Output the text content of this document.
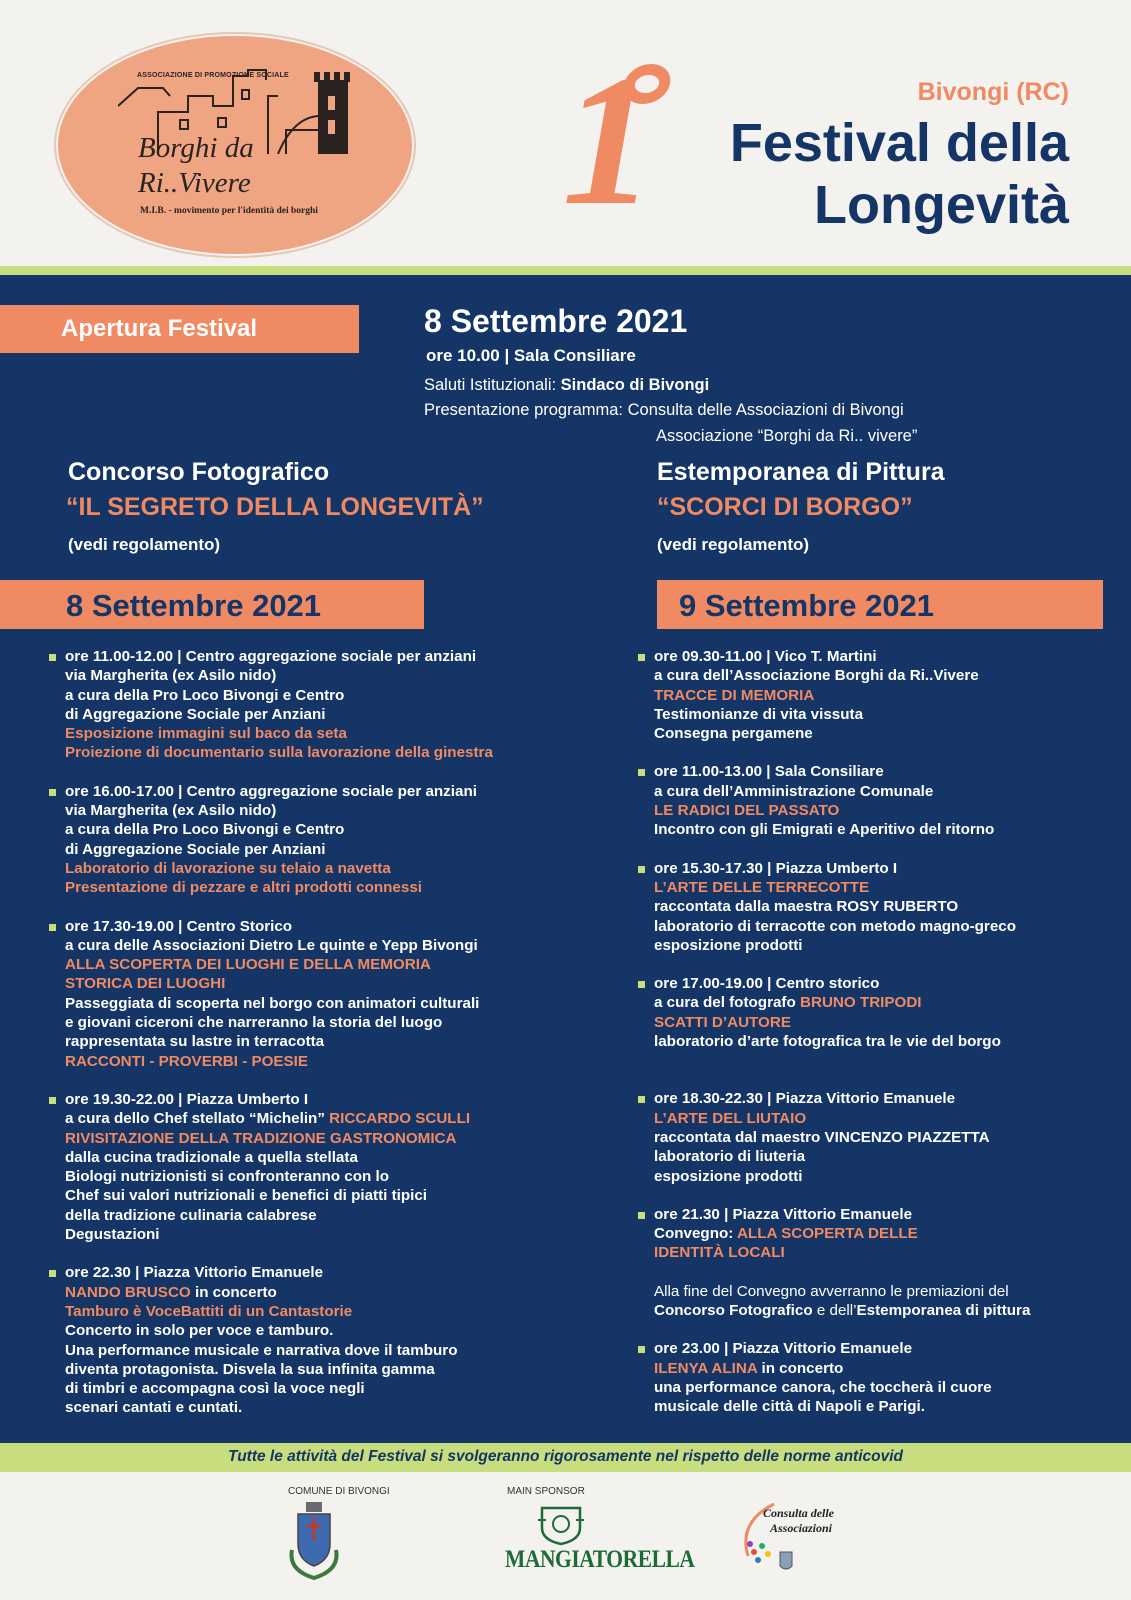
ASSOCIAZIONE DI PROMOZIONE SOCIALE
Borghi da
Ri..Vivere
M.I.B. - movimento per l'identità dei borghi 1	Bivongi (RC)
Festival della
Longevità
Apertura Festival	8 Settembre 2021
ore 10.00 | Sala Consiliare
Saluti Istituzionali: Sindaco di Bivongi
Presentazione programma: Consulta delle Associazioni di Bivongi
Associazione “Borghi da Ri.. vivere”
Concorso Fotografico
“IL SEGRETO DELLA LONGEVITÀ”
(vedi regolamento)
Estemporanea di Pittura
“SCORCI DI BORGO”
(vedi regolamento)
8 Settembre 2021	9 Settembre 2021
ore 11.00-12.00 | Centro aggregazione sociale per anziani
via Margherita (ex Asilo nido)
a cura della Pro Loco Bivongi e Centro
di Aggregazione Sociale per Anziani
Esposizione immagini sul baco da seta
Proiezione di documentario sulla lavorazione della ginestra
ore 16.00-17.00 | Centro aggregazione sociale per anziani
via Margherita (ex Asilo nido)
a cura della Pro Loco Bivongi e Centro
di Aggregazione Sociale per Anziani
Laboratorio di lavorazione su telaio a navetta
Presentazione di pezzare e altri prodotti connessi
ore 17.30-19.00 | Centro Storico
a cura delle Associazioni Dietro Le quinte e Yepp Bivongi
ALLA SCOPERTA DEI LUOGHI E DELLA MEMORIA
STORICA DEI LUOGHI
Passeggiata di scoperta nel borgo con animatori culturali
e giovani ciceroni che narreranno la storia del luogo
rappresentata su lastre in terracotta
RACCONTI - PROVERBI - POESIE
ore 19.30-22.00 | Piazza Umberto I
a cura dello Chef stellato “Michelin” RICCARDO SCULLI
RIVISITAZIONE DELLA TRADIZIONE GASTRONOMICA
dalla cucina tradizionale a quella stellata
Biologi nutrizionisti si confronteranno con lo
Chef sui valori nutrizionali e benefici di piatti tipici
della tradizione culinaria calabrese
Degustazioni
ore 22.30 | Piazza Vittorio Emanuele
NANDO BRUSCO in concerto
Tamburo è VoceBattiti di un Cantastorie
Concerto in solo per voce e tamburo.
Una performance musicale e narrativa dove il tamburo
diventa protagonista. Disvela la sua infinita gamma
di timbri e accompagna così la voce negli
scenari cantati e cuntati.
ore 09.30-11.00 | Vico T. Martini
a cura dell’Associazione Borghi da Ri..Vivere
TRACCE DI MEMORIA
Testimonianze di vita vissuta
Consegna pergamene
ore 11.00-13.00 | Sala Consiliare
a cura dell’Amministrazione Comunale
LE RADICI DEL PASSATO
Incontro con gli Emigrati e Aperitivo del ritorno
ore 15.30-17.30 | Piazza Umberto I
L’ARTE DELLE TERRECOTTE
raccontata dalla maestra ROSY RUBERTO
laboratorio di terracotte con metodo magno-greco
esposizione prodotti
ore 17.00-19.00 | Centro storico
a cura del fotografo BRUNO TRIPODI
SCATTI D’AUTORE
laboratorio d’arte fotografica tra le vie del borgo
ore 18.30-22.30 | Piazza Vittorio Emanuele
L’ARTE DEL LIUTAIO
raccontata dal maestro VINCENZO PIAZZETTA
laboratorio di liuteria
esposizione prodotti
ore 21.30 | Piazza Vittorio Emanuele
Convegno: ALLA SCOPERTA DELLE
IDENTITÀ LOCALI
Alla fine del Convegno avverranno le premiazioni del
Concorso Fotografico e dell’Estemporanea di pittura
ore 23.00 | Piazza Vittorio Emanuele
ILENYA ALINA in concerto
una performance canora, che toccherà il cuore
musicale delle città di Napoli e Parigi.
Tutte le attività del Festival si svolgeranno rigorosamente nel rispetto delle norme anticovid
COMUNE DI BIVONGI	MAIN SPONSOR
MANGIATORELLA
Consulta delle
Associazioni
